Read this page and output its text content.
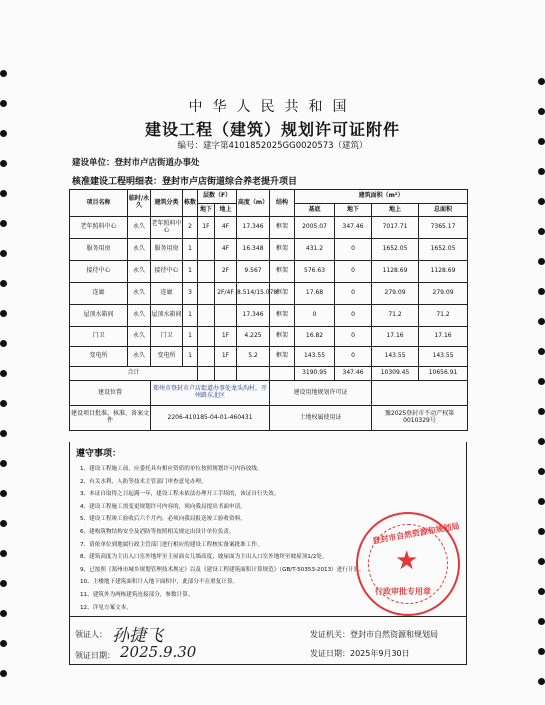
中华人民共和国
建设工程（建筑）规划许可证附件
编号：建字第4101852025GG0020573（建筑）
建设单位：登封市卢店街道办事处
核准建设工程明细表：登封市卢店街道综合养老提升项目
项目名称	临时/永久	建筑分类	栋数	层数（F）		高度（m）	结构	建筑面积（m²）			
				地下	地上			基底	地下	地上	总面积
老年照料中心	永久	老年照料中心	2	1F	4F	17.346	框架	2005.07	347.46	7017.71	7365.17
服务用房	永久	服务用房	1		4F	16.348	框架	431.2	0	1652.05	1652.05
接待中心	永久	接待中心	1		2F	9.567	框架	576.63	0	1128.69	1128.69
连廊	永久	连廊	3		2F/4F	8.514/15.078	框架	17.68	0	279.09	279.09
屋顶水箱间	永久	屋顶水箱间	1			17.346	框架	0	0	71.2	71.2
门卫	永久	门卫	1		1F	4.225	框架	16.82	0	17.16	17.16
变电所	永久	变电所	1		1F	5.2	框架	143.55	0	143.55	143.55
合计								3190.95	347.46	10309.45	10656.91
建设位置		郑州市登封市卢店街道办事处龙头沟村，开州路东北区					建设用地规划许可证				
建设项目批准、核准、备案文件		2206-410185-04-01-460431					土地权属使用证			豫2025登封市不动产权第0010329号	
遵守事项：
1、建设工程施工前，应委托具有相应资质的单位按照规划许可内容放线。
2、有关水利、人防等技术主管部门审查意见办理。
3、本证自取得之日起满一年，建设工程未依法办理开工手续的，该证自行失效。
4、建设工程施工需变更规划许可内容的，须向我局提出书面申请。
5、建设工程竣工验收后六个月内，必须向我局报送竣工验收资料。
6、建构筑物结构安全及消防等按照相关规定由设计单位负责。
7、请依单位到地属行政主管部门进行相应的建设工程核实备案批准工作。
8、建筑高度为主出入口室外地坪至主屋面女儿墙高度；坡屋面为主出入口室外地坪至坡屋顶1/2处。
9、已按照《郑州市城乡规划管理技术规定》以及《建设工程建筑面积计算规范》（GB/T-50353-2013）进行计算。
10、主楼地下建筑面积计入地下面积中，此部分不在重复计算。
11、建筑外为两栋建筑连接部分，参数计算。
12、详见方案文本。
领证人： 孙捷飞
领证日期： 2025.9.30
发证机关：登封市自然资源和规划局
发证日期：2025年9月30日
★
登封市自然资源和规划局
行政审批专用章
